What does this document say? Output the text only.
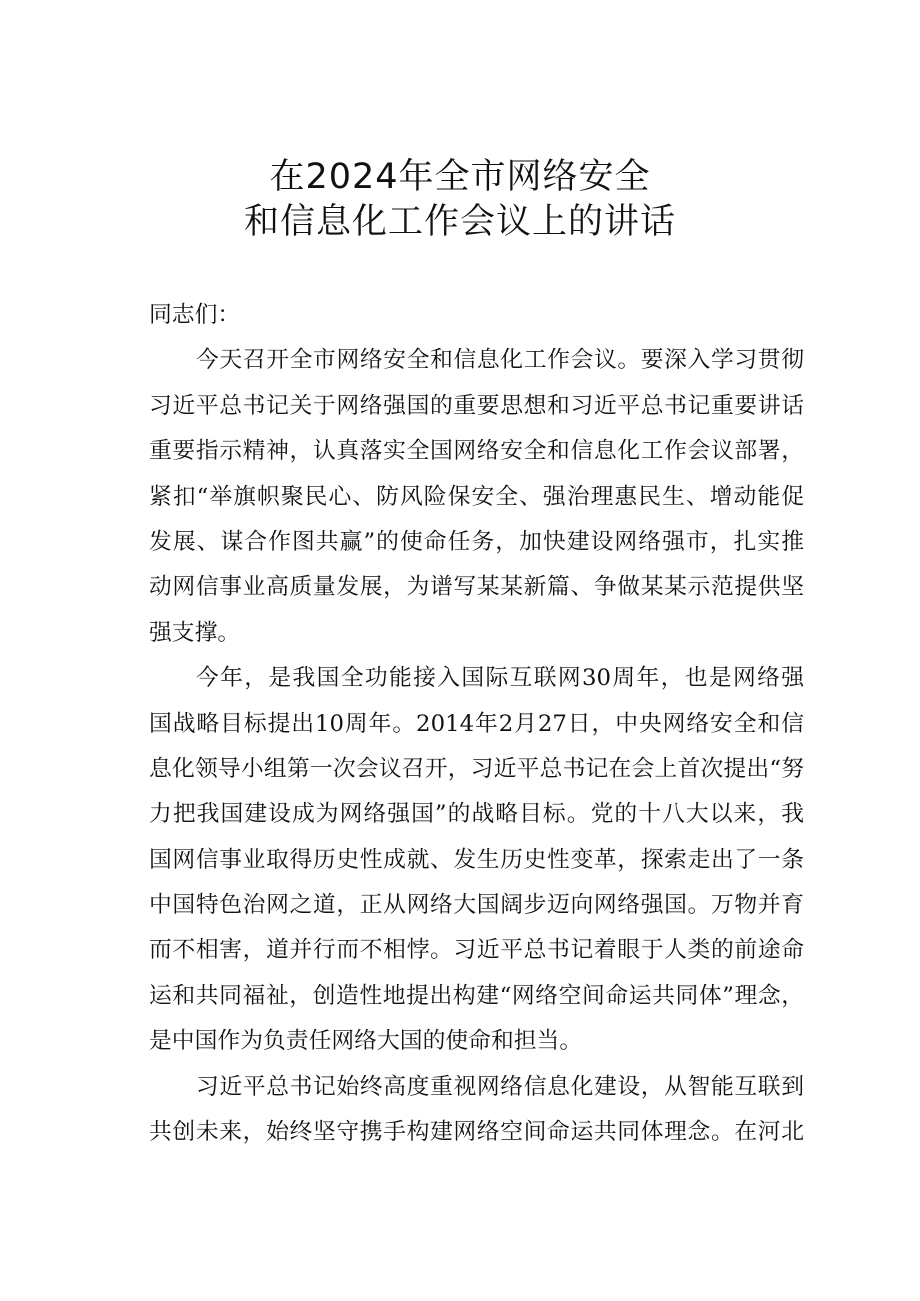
在2024年全市网络安全
和信息化工作会议上的讲话
同志们：
今天召开全市网络安全和信息化工作会议。要深入学习贯彻
习近平总书记关于网络强国的重要思想和习近平总书记重要讲话
重要指示精神，认真落实全国网络安全和信息化工作会议部署，
紧扣“举旗帜聚民心、防风险保安全、强治理惠民生、增动能促
发展、谋合作图共赢”的使命任务，加快建设网络强市，扎实推
动网信事业高质量发展，为谱写某某新篇、争做某某示范提供坚
强支撑。
今年，是我国全功能接入国际互联网30周年，也是网络强
国战略目标提出10周年。2014年2月27日，中央网络安全和信
息化领导小组第一次会议召开，习近平总书记在会上首次提出“努
力把我国建设成为网络强国”的战略目标。党的十八大以来，我
国网信事业取得历史性成就、发生历史性变革，探索走出了一条
中国特色治网之道，正从网络大国阔步迈向网络强国。万物并育
而不相害，道并行而不相悖。习近平总书记着眼于人类的前途命
运和共同福祉，创造性地提出构建“网络空间命运共同体”理念，
是中国作为负责任网络大国的使命和担当。
习近平总书记始终高度重视网络信息化建设，从智能互联到
共创未来，始终坚守携手构建网络空间命运共同体理念。在河北
